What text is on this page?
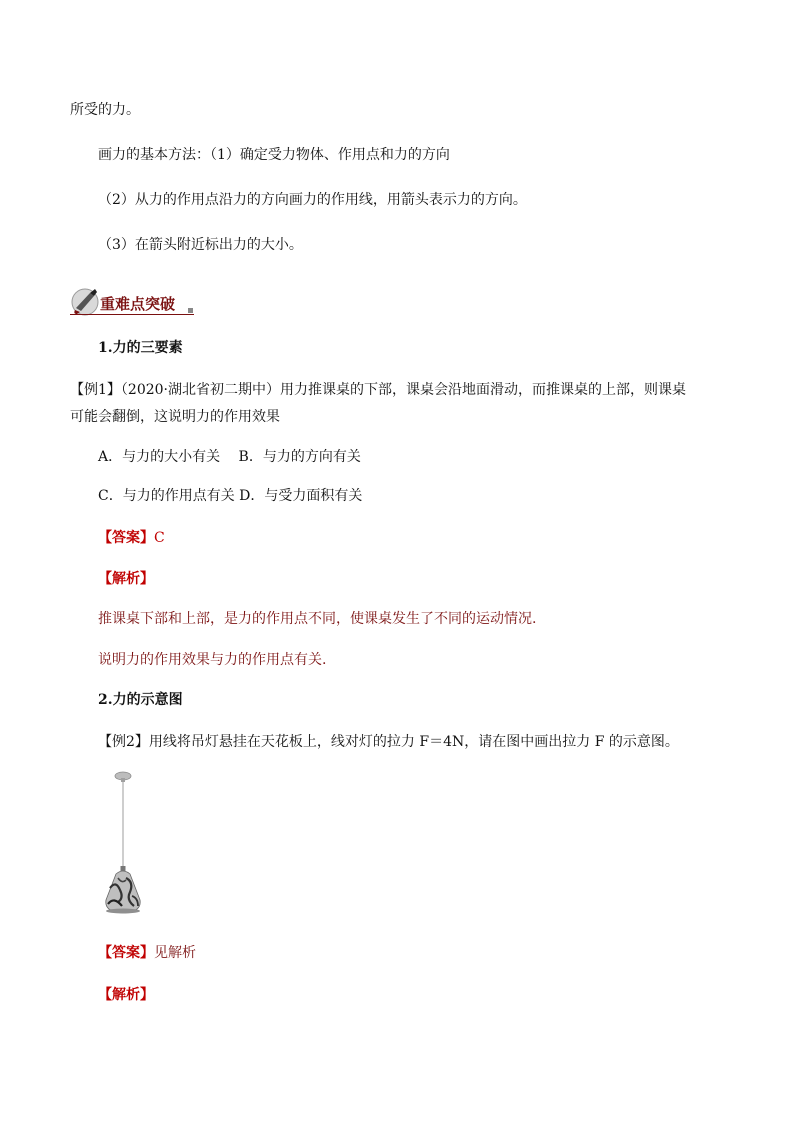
所受的力。
画力的基本方法：（1）确定受力物体、作用点和力的方向
（2）从力的作用点沿力的方向画力的作用线，用箭头表示力的方向。
（3）在箭头附近标出力的大小。
重难点突破
1.力的三要素
【例1】（2020·湖北省初二期中）用力推课桌的下部，课桌会沿地面滑动，而推课桌的上部，则课桌
可能会翻倒，这说明力的作用效果
A．与力的大小有关　 B．与力的方向有关
C．与力的作用点有关 D．与受力面积有关
【答案】C
【解析】
推课桌下部和上部，是力的作用点不同，使课桌发生了不同的运动情况.
说明力的作用效果与力的作用点有关.
2.力的示意图
【例2】用线将吊灯悬挂在天花板上，线对灯的拉力 F＝4N，请在图中画出拉力 F 的示意图。
【答案】见解析
【解析】
